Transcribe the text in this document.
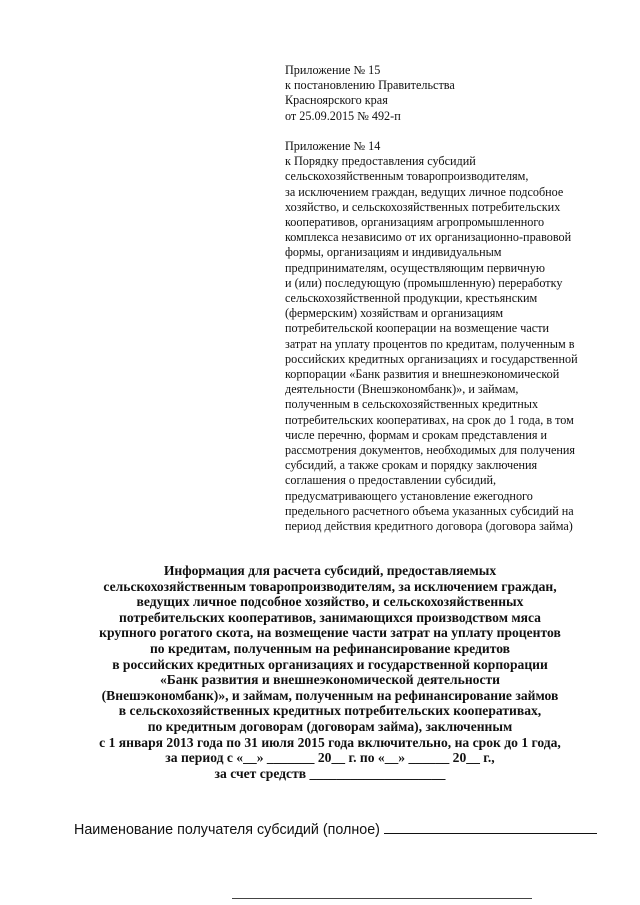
Приложение № 15
к постановлению Правительства
Красноярского края
от 25.09.2015 № 492-п
Приложение № 14
к Порядку предоставления субсидий
сельскохозяйственным товаропроизводителям,
за исключением граждан, ведущих личное подсобное
хозяйство, и сельскохозяйственных потребительских
кооперативов, организациям агропромышленного
комплекса независимо от их организационно-правовой
формы, организациям и индивидуальным
предпринимателям, осуществляющим первичную
и (или) последующую (промышленную) переработку
сельскохозяйственной продукции, крестьянским
(фермерским) хозяйствам и организациям
потребительской кооперации на возмещение части
затрат на уплату процентов по кредитам, полученным в
российских кредитных организациях и государственной
корпорации «Банк развития и внешнеэкономической
деятельности (Внешэкономбанк)», и займам,
полученным в сельскохозяйственных кредитных
потребительских кооперативах, на срок до 1 года, в том
числе перечню, формам и срокам представления и
рассмотрения документов, необходимых для получения
субсидий, а также срокам и порядку заключения
соглашения о предоставлении субсидий,
предусматривающего установление ежегодного
предельного расчетного объема указанных субсидий на
период действия кредитного договора (договора займа)
Информация для расчета субсидий, предоставляемых
сельскохозяйственным товаропроизводителям, за исключением граждан,
ведущих личное подсобное хозяйство, и сельскохозяйственных
потребительских кооперативов, занимающихся производством мяса
крупного рогатого скота, на возмещение части затрат на уплату процентов
по кредитам, полученным на рефинансирование кредитов
в российских кредитных организациях и государственной корпорации
«Банк развития и внешнеэкономической деятельности
(Внешэкономбанк)», и займам, полученным на рефинансирование займов
в сельскохозяйственных кредитных потребительских кооперативах,
по кредитным договорам (договорам займа), заключенным
с 1 января 2013 года по 31 июля 2015 года включительно, на срок до 1 года,
за период с «__» _______ 20__ г. по «__» ______ 20__ г.,
за счет средств ____________________
Наименование получателя субсидий (полное)
